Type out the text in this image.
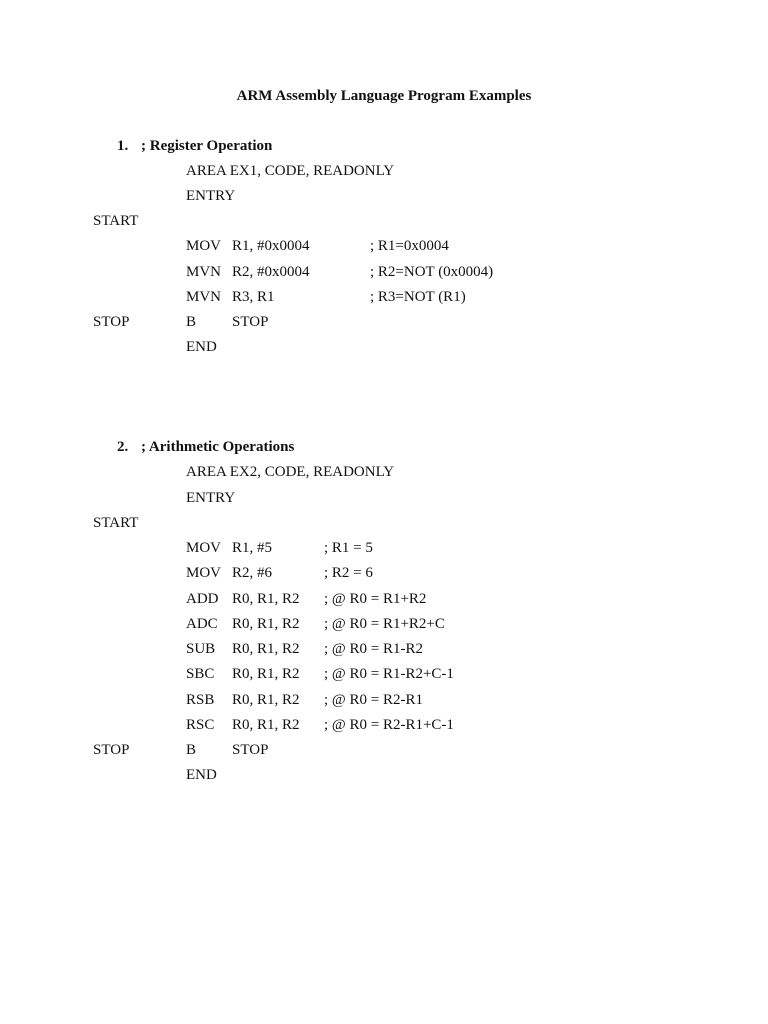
ARM Assembly Language Program Examples
1. ; Register Operation
AREA EX1, CODE, READONLY
ENTRY
START
MOV R1, #0x0004	; R1=0x0004
MVN R2, #0x0004	; R2=NOT (0x0004)
MVN R3, R1	; R3=NOT (R1)
STOP	B STOP
END
2. ; Arithmetic Operations
AREA EX2, CODE, READONLY
ENTRY
START
MOV R1, #5	; R1 = 5
MOV R2, #6	; R2 = 6
ADD R0, R1, R2 ; @ R0 = R1+R2
ADC R0, R1, R2 ; @ R0 = R1+R2+C
SUB R0, R1, R2 ; @ R0 = R1-R2
SBC R0, R1, R2 ; @ R0 = R1-R2+C-1
RSB R0, R1, R2 ; @ R0 = R2-R1
RSC R0, R1, R2 ; @ R0 = R2-R1+C-1
STOP	B STOP
END
